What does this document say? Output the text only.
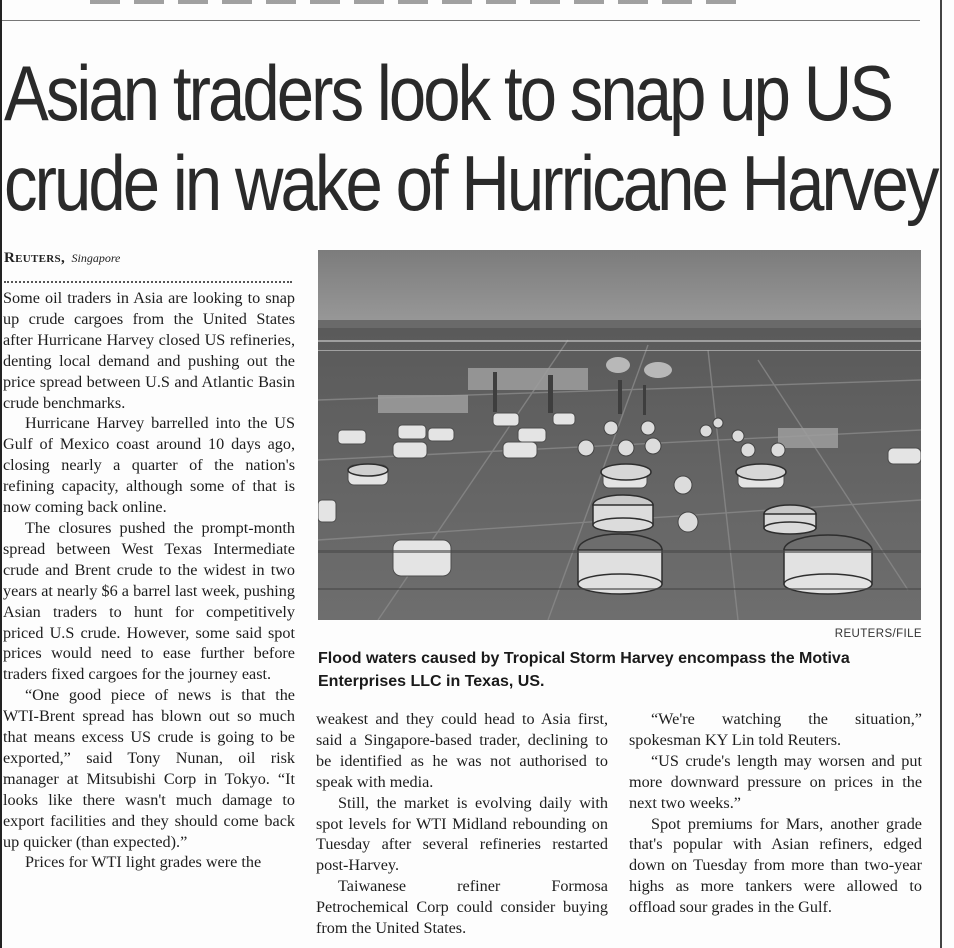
Asian traders look to snap up US
crude in wake of Hurricane Harvey
Reuters, Singapore

Some oil traders in Asia are looking to snap up crude cargoes from the United States after Hurricane Harvey closed US refineries, denting local demand and pushing out the price spread between U.S and Atlantic Basin crude benchmarks.

Hurricane Harvey barrelled into the US Gulf of Mexico coast around 10 days ago, closing nearly a quarter of the nation's refining capacity, although some of that is now coming back online.

The closures pushed the prompt-month spread between West Texas Intermediate crude and Brent crude to the widest in two years at nearly $6 a barrel last week, pushing Asian traders to hunt for competitively priced U.S crude. However, some said spot prices would need to ease further before traders fixed cargoes for the journey east.

“One good piece of news is that the WTI-Brent spread has blown out so much that means excess US crude is going to be exported,” said Tony Nunan, oil risk manager at Mitsubishi Corp in Tokyo. “It looks like there wasn't much damage to export facilities and they should come back up quicker (than expected).”

Prices for WTI light grades were the

REUTERS/FILE

Flood waters caused by Tropical Storm Harvey encompass the Motiva Enterprises LLC in Texas, US.

weakest and they could head to Asia first, said a Singapore-based trader, declining to be identified as he was not authorised to speak with media.

Still, the market is evolving daily with spot levels for WTI Midland rebounding on Tuesday after several refineries restarted post-Harvey.

Taiwanese refiner Formosa Petrochemical Corp could consider buying from the United States.

“We're watching the situation,” spokesman KY Lin told Reuters.

“US crude's length may worsen and put more downward pressure on prices in the next two weeks.”

Spot premiums for Mars, another grade that's popular with Asian refiners, edged down on Tuesday from more than two-year highs as more tankers were allowed to offload sour grades in the Gulf.
